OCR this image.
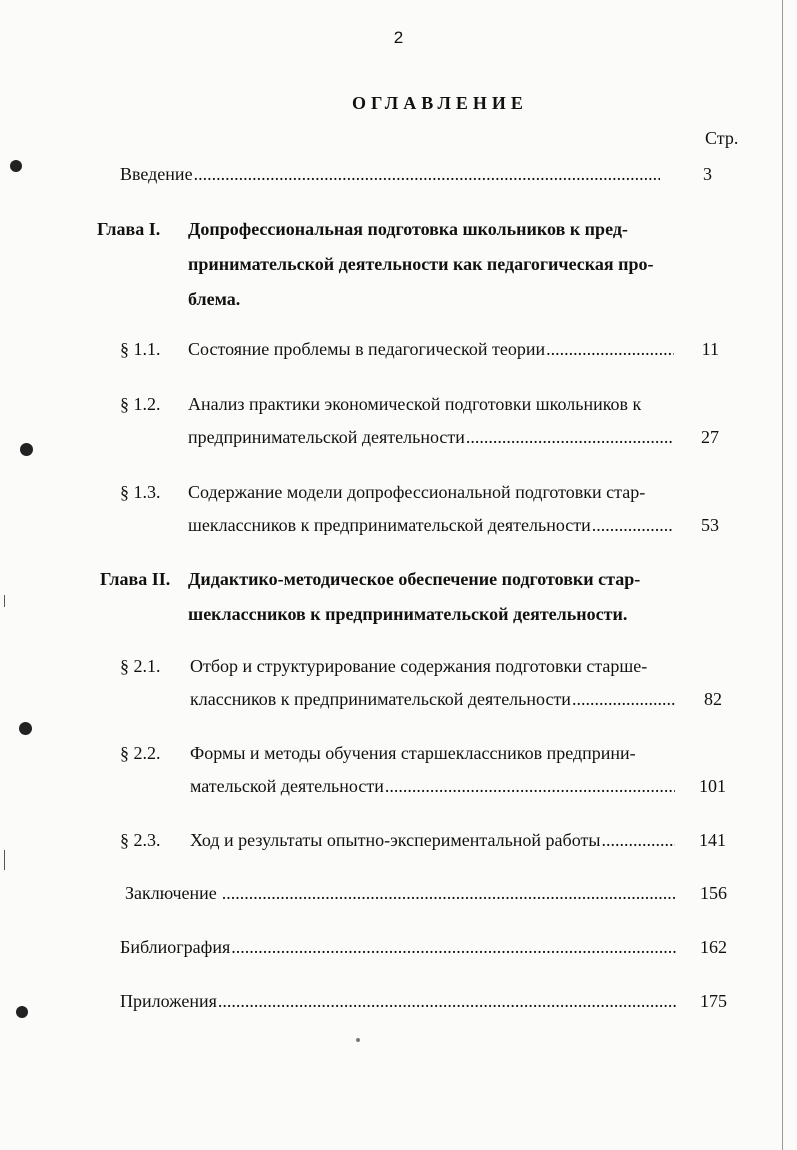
2
ОГЛАВЛЕНИЕ
Стр.
Введение .....	3
Глава I. Допрофессиональная подготовка школьников к пред-
принимательской деятельности как педагогическая про-
блема.
§ 1.1. Состояние проблемы в педагогической теории .....	11
§ 1.2. Анализ практики экономической подготовки школьников к
предпринимательской деятельности .....	27
§ 1.3. Содержание модели допрофессиональной подготовки стар-
шеклассников к предпринимательской деятельности .....	53
Глава II. Дидактико-методическое обеспечение подготовки стар-
шеклассников к предпринимательской деятельности.
§ 2.1. Отбор и структурирование содержания подготовки старше-
классников к предпринимательской деятельности .....	82
§ 2.2. Формы и методы обучения старшеклассников предприни-
мательской деятельности .....	101
§ 2.3. Ход и результаты опытно-экспериментальной работы .....	141
Заключение .....	156
Библиография .....	162
Приложения .....	175
